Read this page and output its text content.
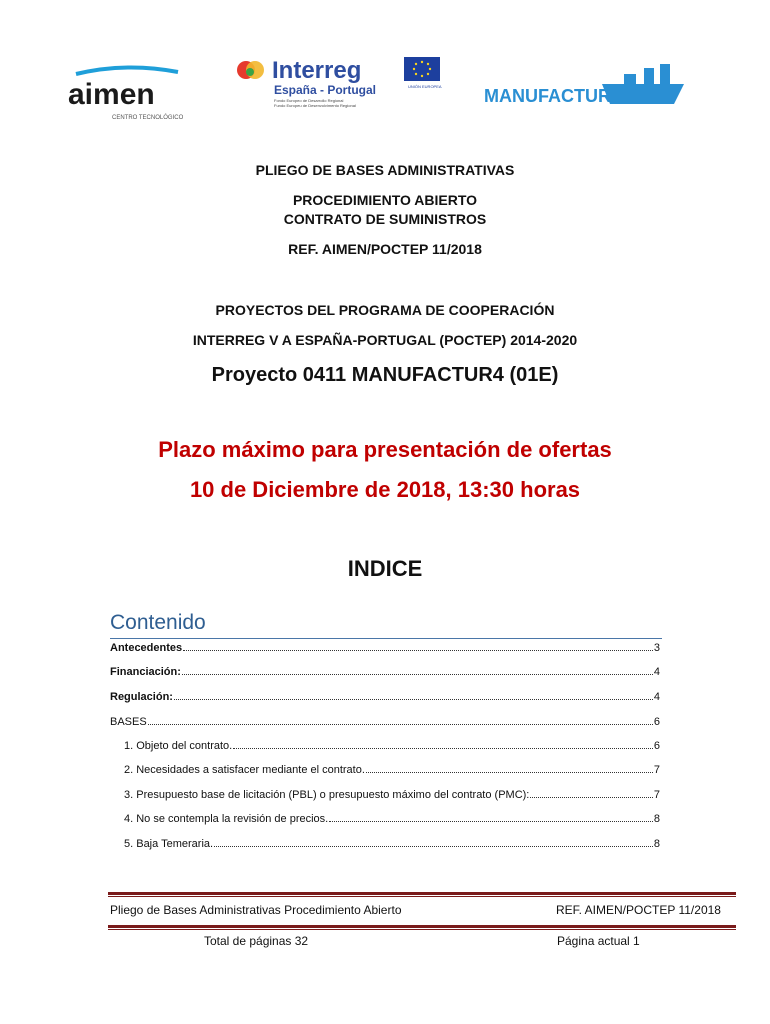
aimen
CENTRO TECNOLÓGICO
Interreg
UNIÓN EUROPEA
España - Portugal
Fondo Europeo de Desarrollo Regional
Fundo Europeu de Desenvolvimento Regional	MANUFACTUR
PLIEGO DE BASES ADMINISTRATIVAS
PROCEDIMIENTO ABIERTO
CONTRATO DE SUMINISTROS
REF. AIMEN/POCTEP 11/2018
PROYECTOS DEL PROGRAMA DE COOPERACIÓN
INTERREG V A ESPAÑA-PORTUGAL (POCTEP) 2014-2020
Proyecto 0411 MANUFACTUR4 (01E)
Plazo máximo para presentación de ofertas
10 de Diciembre de 2018, 13:30 horas
INDICE
Contenido
Antecedentes	3
Financiación:	4
Regulación:	4
BASES	6
1. Objeto del contrato.	6
2. Necesidades a satisfacer mediante el contrato.	7
3. Presupuesto base de licitación (PBL) o presupuesto máximo del contrato (PMC):	7
4. No se contempla la revisión de precios.	8
5. Baja Temeraria.	8
Pliego de Bases Administrativas Procedimiento Abierto	REF. AIMEN/POCTEP 11/2018
Total de páginas 32	Página actual 1
